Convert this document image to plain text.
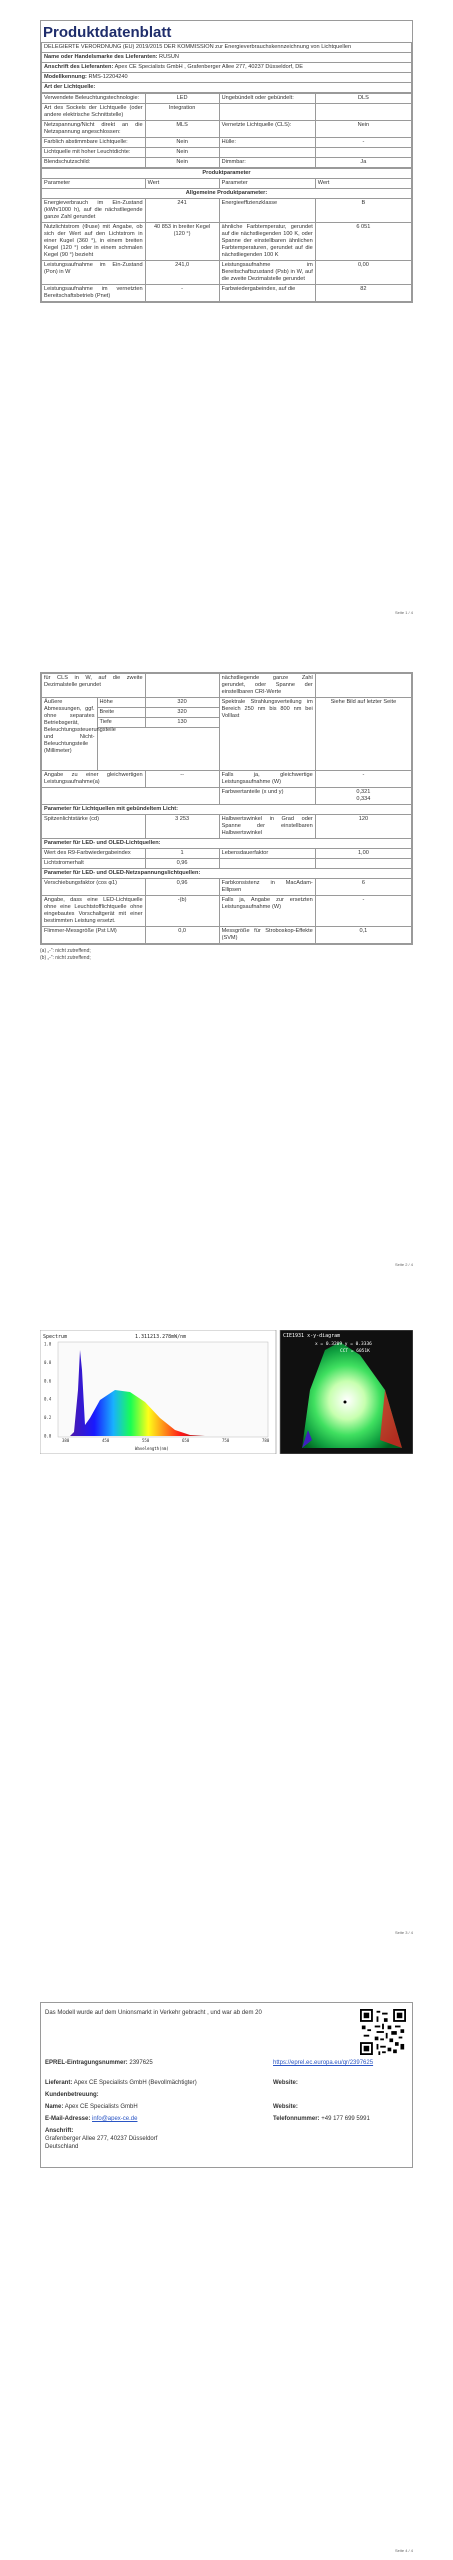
Produktdatenblatt
DELEGIERTE VERORDNUNG (EU) 2019/2015 DER KOMMISSION zur Energieverbrauchskennzeichnung von Lichtquellen
Name oder Handelsmarke des Lieferanten: RUSUN
Anschrift des Lieferanten: Apex CE Specialists GmbH , Grafenberger Allee 277, 40237 Düsseldorf, DE
Modellkennung: RMS-12204240
Art der Lichtquelle:
Verwendete Beleuchtungstechnologie:	LED	Ungebündelt oder gebündelt:	DLS
Art des Sockels der Lichtquelle (oder andere elektrische Schnittstelle)	Integration		
Netzspannung/Nicht direkt an die Netzspannung angeschlossen:	MLS	Vernetzte Lichtquelle (CLS):	Nein
Farblich abstimmbare Lichtquelle:	Nein	Hülle:	-
Lichtquelle mit hoher Leuchtdichte:	Nein		
Blendschutzschild:	Nein	Dimmbar:	Ja
Produktparameter			
Parameter	Wert	Parameter	Wert
Allgemeine Produktparameter:			
Energieverbrauch im Ein-Zustand (kWh/1000 h), auf die nächstliegende ganze Zahl gerundet	241	Energieeffizienzklasse	B
Nutzlichtstrom (Φuse) mit Angabe, ob sich der Wert auf den Lichtstrom in einer Kugel (360 °), in einem breiten Kegel (120 °) oder in einem schmalen Kegel (90 °) bezieht	40 853 in breiter Kegel (120 °)	ähnliche Farbtemperatur, gerundet auf die nächstliegenden 100 K, oder Spanne der einstellbaren ähnlichen Farbtemperaturen, gerundet auf die nächstliegenden 100 K	6 051
Leistungsaufnahme im Ein-Zustand (Pon) in W	241,0	Leistungsaufnahme im Bereitschaftszustand (Psb) in W, auf die zweite Dezimalstelle gerundet	0,00
Leistungsaufnahme im vernetzten Bereitschaftsbetrieb (Pnet)	-	Farbwiedergabeindex, auf die	82
Seite 1 / 4
für CLS in W, auf die zweite Dezimalstelle gerundet			nächstliegende ganze Zahl gerundet, oder Spanne der einstellbaren CRI-Werte	
Äußere Abmessungen, ggf. ohne separates Betriebsgerät, Beleuchtungssteuerungsteile und Nicht-Beleuchtungsteile (Millimeter)	Höhe	320	Spektrale Strahlungsverteilung im Bereich 250 nm bis 800 nm bei Volllast	Siehe Bild auf letzter Seite
	Breite	320		
	Tiefe	130		

Angabe zu einer gleichwertigen Leistungsaufnahme(a)		--	Falls ja, gleichwertige Leistungsaufnahme (W)	-
			Farbwertanteile (x und y)	0,321
0,334
Parameter für Lichtquellen mit gebündeltem Licht:				
Spitzenlichtstärke (cd)		3 253	Halbwertswinkel in Grad oder Spanne der einstellbaren Halbwertswinkel	120
Parameter für LED- und OLED-Lichtquellen:				
Wert des R9-Farbwiedergabeindex		1	Lebensdauerfaktor	1,00
Lichtstromerhalt		0,96		
Parameter für LED- und OLED-Netzspannungslichtquellen:				
Verschiebungsfaktor (cos φ1)		0,96	Farbkonsistenz in MacAdam-Ellipsen	6
Angabe, dass eine LED-Lichtquelle ohne eine Leuchtstofflichtquelle ohne eingebautes Vorschaltgerät mit einer bestimmten Leistung ersetzt.		-(b)	Falls ja, Angabe zur ersetzten Leistungsaufnahme (W)	-
Flimmer-Messgröße (Pst LM)		0,0	Messgröße für Stroboskop-Effekte (SVM)	0,1
(a) „-“: nicht zutreffend;
(b) „-“: nicht zutreffend;
Seite 2 / 4
Spectrum	1.311213.278mW/nm
1.0
0.8
0.6
0.4
0.2
0.0
380	450	550	650	750	780
Wavelength(nm)
CIE1931 x-y-diagram
x = 0.3209 y = 0.3336
CCT = 6051K
Seite 3 / 4
Das Modell wurde auf dem Unionsmarkt in Verkehr gebracht , und war ab dem 20
EPREL-Eintragungsnummer: 2397625	https://eprel.ec.europa.eu/qr/2397625
Lieferant: Apex CE Specialists GmbH (Bevollmächtigter)	Website:
Kundenbetreuung:
Name: Apex CE Specialists GmbH	Website:
E-Mail-Adresse: info@apex-ce.de	Telefonnummer: +49 177 699 5991
Anschrift:
Grafenberger Allee 277, 40237 Düsseldorf Deutschland
Seite 4 / 4
